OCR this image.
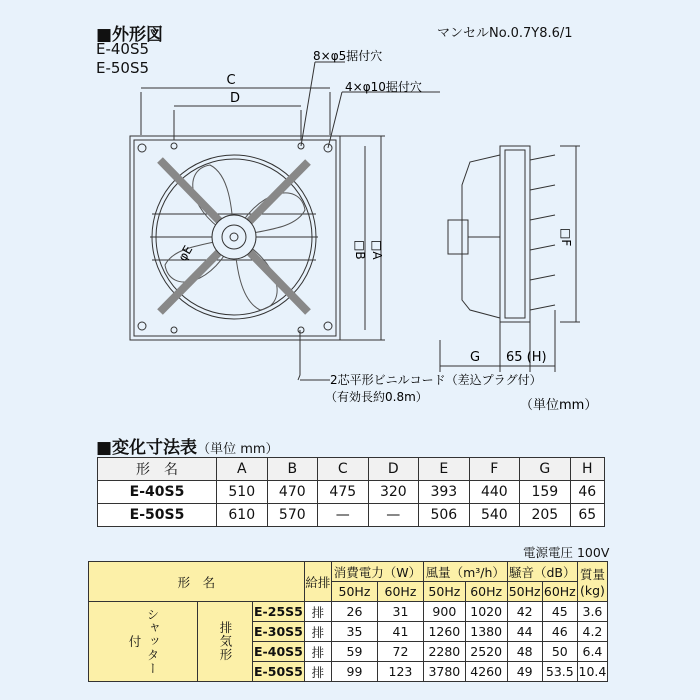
■外形図
E-40S5
E-50S5
マンセルNo.0.7Y8.6/1
C
D
8×φ5据付穴
4×φ10据付穴
□B □A
φE
□F
G 65 (H)
2芯平形ビニルコード（差込プラグ付）
（有効長約0.8m）
（単位mm）
■変化寸法表（単位 mm）
形　名	A	B	C	D	E	F	G	H
E-40S5	510	470	475	320	393	440	159	46
E-50S5	610	570	—	—	506	540	205	65
電源電圧 100V
形　名			給排	消費電力（W）		風量（m³/h）		騒音（dB）		質量
(kg)
				50Hz	60Hz	50Hz	60Hz	50Hz	60Hz	
シャッター付	排気形	E-25S5	排	26	31	900	1020	42	45	3.6
		E-30S5	排	35	41	1260	1380	44	46	4.2
		E-40S5	排	59	72	2280	2520	48	50	6.4
		E-50S5	排	99	123	3780	4260	49	53.5	10.4
